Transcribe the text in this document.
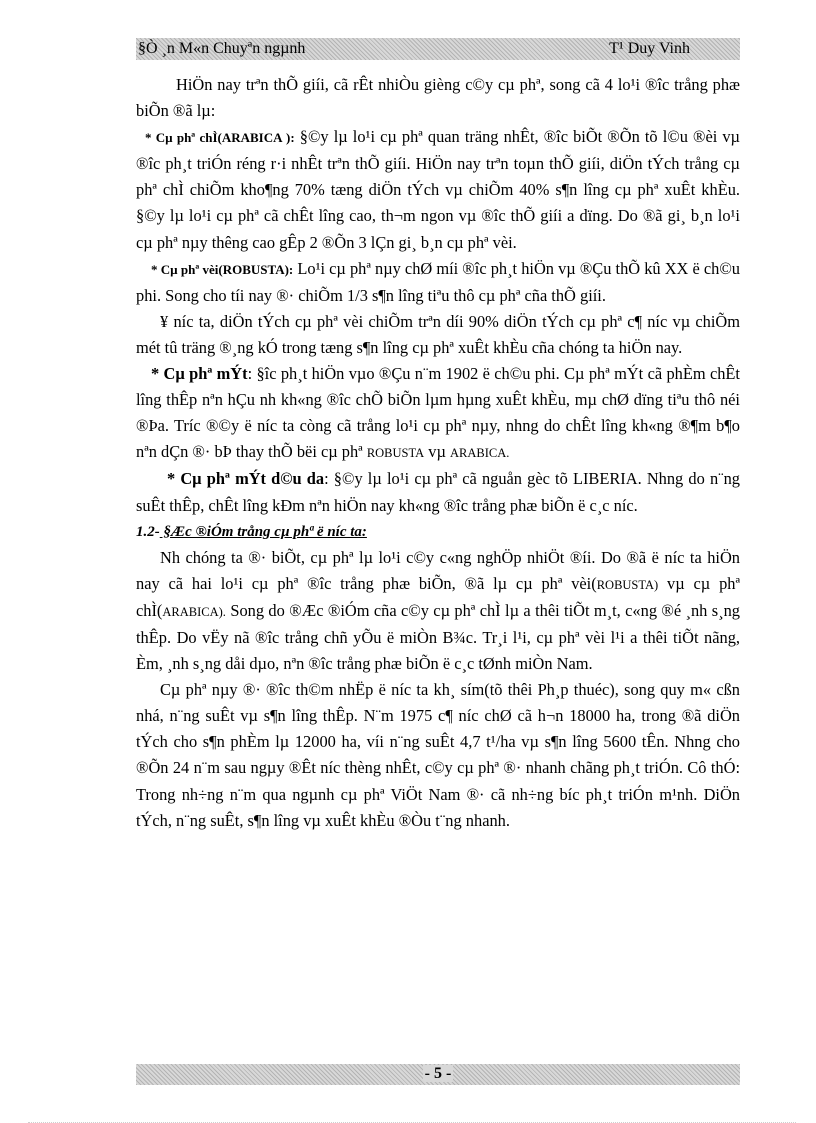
§Ò ¸n M«n Chuyªn ngµnh	T¹ Duy Vinh

HiÖn nay trªn thÕ giíi, cã rÊt nhiÒu gièng c©y cµ phª, song cã 4 lo¹i ®îc trång phæ biÕn ®ã lµ:

* Cµ phª chÌ(ARABICA ): §©y lµ lo¹i cµ phª quan träng nhÊt, ®îc biÕt ®Õn tõ l©u ®èi vµ ®îc ph¸t triÓn réng r·i nhÊt trªn thÕ giíi. HiÖn nay trªn toµn thÕ giíi, diÖn tÝch trång cµ phª chÌ chiÕm kho¶ng 70% tæng diÖn tÝch vµ chiÕm 40% s¶n lîng cµ phª xuÊt khÈu. §©y lµ lo¹i cµ phª cã chÊt lîng cao, th¬m ngon vµ ®îc thÕ giíi a dïng. Do ®ã gi¸ b¸n lo¹i cµ phª nµy thêng cao gÊp 2 ®Õn 3 lÇn gi¸ b¸n cµ phª vèi.

* Cµ phª vèi(ROBUSTA): Lo¹i cµ phª nµy chØ míi ®îc ph¸t hiÖn vµ ®Çu thÕ kû XX ë ch©u phi. Song cho tíi nay ®· chiÕm 1/3 s¶n lîng tiªu thô cµ phª cña thÕ giíi.

¥ níc ta, diÖn tÝch cµ phª vèi chiÕm trªn díi 90% diÖn tÝch cµ phª c¶ níc vµ chiÕm mét tû träng ®¸ng kÓ trong tæng s¶n lîng cµ phª xuÊt khÈu cña chóng ta hiÖn nay.

* Cµ phª mÝt: §îc ph¸t hiÖn vµo ®Çu n¨m 1902 ë ch©u phi. Cµ phª mÝt cã phÈm chÊt lîng thÊp nªn hÇu nh kh«ng ®îc chÕ biÕn lµm hµng xuÊt khÈu, mµ chØ dïng tiªu thô néi ®Þa. Tríc ®©y ë níc ta còng cã trång lo¹i cµ phª nµy, nhng do chÊt lîng kh«ng ®¶m b¶o nªn dÇn ®· bÞ thay thÕ bëi cµ phª ROBUSTA vµ ARABICA.

* Cµ phª mÝt d©u da: §©y lµ lo¹i cµ phª cã nguån gèc tõ LIBERIA. Nhng do n¨ng suÊt thÊp, chÊt lîng kÐm nªn hiÖn nay kh«ng ®îc trång phæ biÕn ë c¸c níc.

1.2- §Æc ®iÓm trång cµ phª ë níc ta:

Nh chóng ta ®· biÕt, cµ phª lµ lo¹i c©y c«ng nghÖp nhiÖt ®íi. Do ®ã ë níc ta hiÖn nay cã hai lo¹i cµ phª ®îc trång phæ biÕn, ®ã lµ cµ phª vèi(ROBUSTA) vµ cµ phª chÌ(ARABICA). Song do ®Æc ®iÓm cña c©y cµ phª chÌ lµ a thêi tiÕt m¸t, c«ng ®é ¸nh s¸ng thÊp. Do vËy nã ®îc trång chñ yÕu ë miÒn B¾c. Tr¸i l¹i, cµ phª vèi l¹i a thêi tiÕt nãng, Èm, ¸nh s¸ng dåi dµo, nªn ®îc trång phæ biÕn ë c¸c tØnh miÒn Nam.

Cµ phª nµy ®· ®îc th©m nhËp ë níc ta kh¸ sím(tõ thêi Ph¸p thuéc), song quy m« cßn nhá, n¨ng suÊt vµ s¶n lîng thÊp. N¨m 1975 c¶ níc chØ cã h¬n 18000 ha, trong ®ã diÖn tÝch cho s¶n phÈm lµ 12000 ha, víi n¨ng suÊt 4,7 t¹/ha vµ s¶n lîng 5600 tÊn. Nhng cho ®Õn 24 n¨m sau ngµy ®Êt níc thèng nhÊt, c©y cµ phª ®· nhanh chãng ph¸t triÓn. Cô thÓ: Trong nh÷ng n¨m qua ngµnh cµ phª ViÖt Nam ®· cã nh÷ng bíc ph¸t triÓn m¹nh. DiÖn tÝch, n¨ng suÊt, s¶n lîng vµ xuÊt khÈu ®Òu t¨ng nhanh.

- 5 -
